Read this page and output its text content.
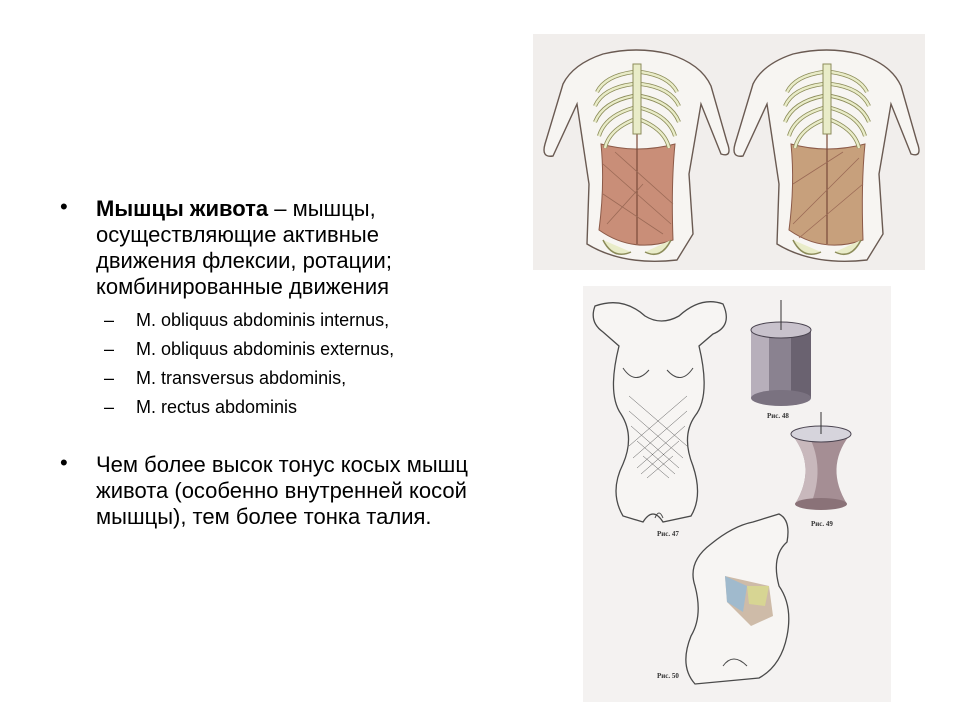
• Мышцы живота – мышцы, осуществляющие активные движения флексии, ротации; комбинированные движения
– M. obliquus abdominis internus,
– M. obliquus abdominis externus,
– M. transversus abdominis,
– M. rectus abdominis
• Чем более высок тонус косых мышц живота (особенно внутренней косой мышцы), тем более тонка талия.
Рис. 47
Рис. 48
Рис. 49
Рис. 50
